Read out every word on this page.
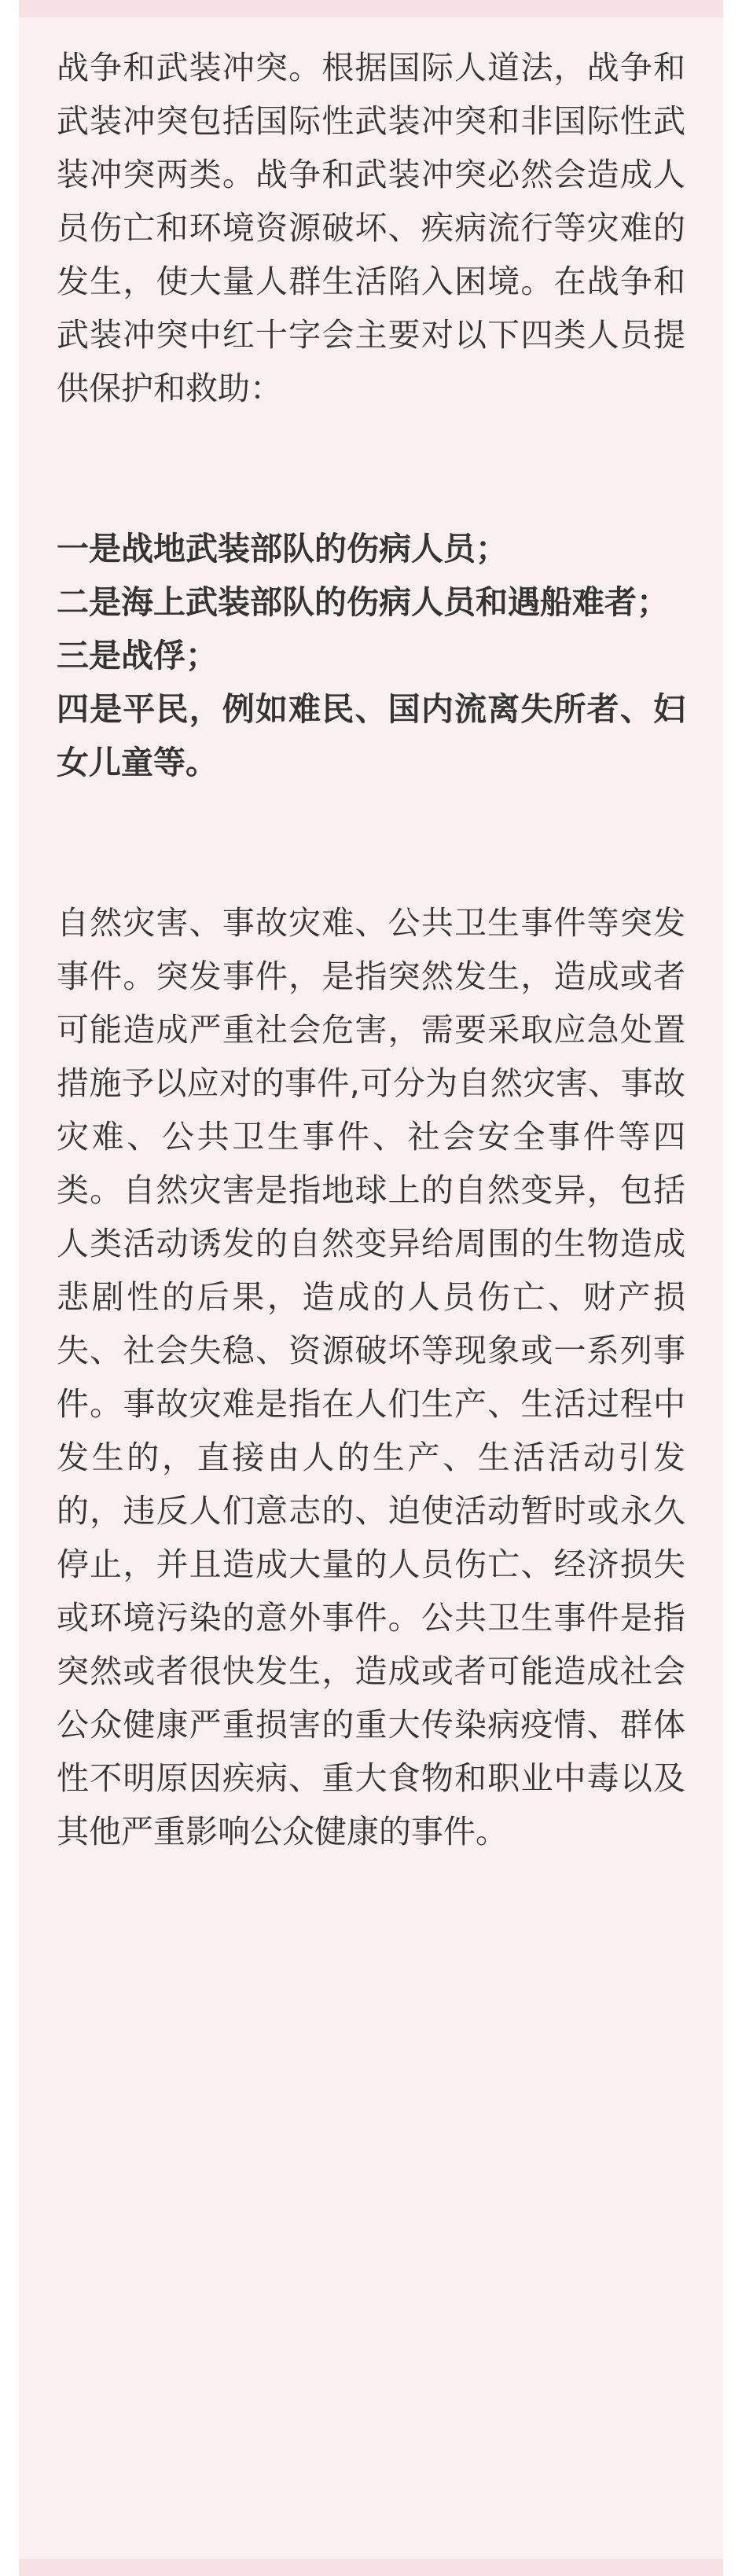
战争和武装冲突。根据国际人道法，战争和武装冲突包括国际性武装冲突和非国际性武装冲突两类。战争和武装冲突必然会造成人员伤亡和环境资源破坏、疾病流行等灾难的发生，使大量人群生活陷入困境。在战争和武装冲突中红十字会主要对以下四类人员提供保护和救助：

一是战地武装部队的伤病人员；
二是海上武装部队的伤病人员和遇船难者；
三是战俘；
四是平民，例如难民、国内流离失所者、妇女儿童等。

自然灾害、事故灾难、公共卫生事件等突发事件。突发事件，是指突然发生，造成或者可能造成严重社会危害，需要采取应急处置措施予以应对的事件,可分为自然灾害、事故灾难、公共卫生事件、社会安全事件等四类。自然灾害是指地球上的自然变异，包括人类活动诱发的自然变异给周围的生物造成悲剧性的后果，造成的人员伤亡、财产损失、社会失稳、资源破坏等现象或一系列事件。事故灾难是指在人们生产、生活过程中发生的，直接由人的生产、生活活动引发的，违反人们意志的、迫使活动暂时或永久停止，并且造成大量的人员伤亡、经济损失或环境污染的意外事件。公共卫生事件是指突然或者很快发生，造成或者可能造成社会公众健康严重损害的重大传染病疫情、群体性不明原因疾病、重大食物和职业中毒以及其他严重影响公众健康的事件。
